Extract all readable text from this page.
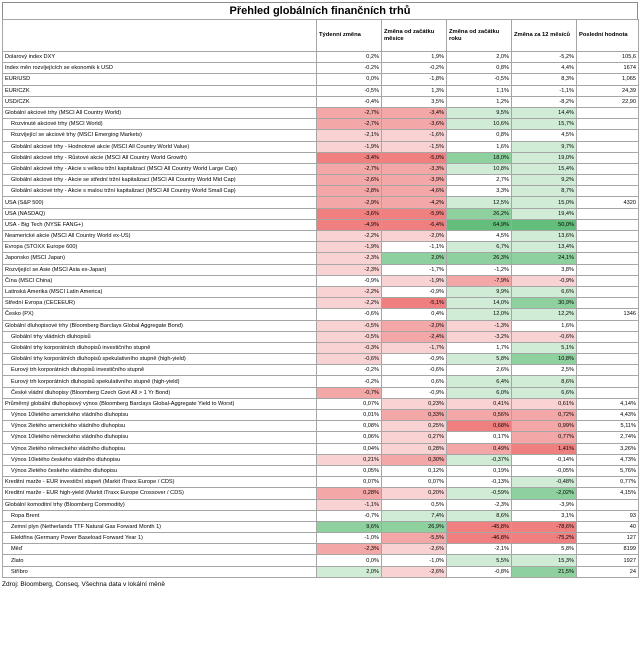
Přehled globálních finančních trhů
	Týdenní změna	Změna od začátku měsíce	Změna od začátku roku	Změna za 12 měsíců	Poslední hodnota
Dolarový index DXY	0,2%	1,9%	2,0%	-5,2%	105,6
Index měn rozvíjejících se ekonomik k USD	-0,2%	-0,2%	0,8%	4,4%	1674
EUR/USD	0,0%	-1,8%	-0,5%	8,3%	1,065
EUR/CZK	-0,5%	1,3%	1,1%	-1,1%	24,39
USD/CZK	-0,4%	3,5%	1,2%	-8,2%	22,90
Globální akciové trhy (MSCI All Country World)	-2,7%	-3,4%	9,5%	14,4%	
Rozvinuté akciové trhy (MSCI World)	-2,7%	-3,6%	10,6%	15,7%	
Rozvíjející se akciové trhy (MSCI Emerging Markets)	-2,1%	-1,6%	0,8%	4,5%	
Globální akciové trhy - Hodnotové akcie (MSCI All Country World Value)	-1,9%	-1,5%	1,6%	9,7%	
Globální akciové trhy - Růstové akcie (MSCI All Country World Growth)	-3,4%	-5,0%	18,0%	19,0%	
Globální akciové trhy - Akcie s velkou tržní kapitalizací (MSCI All Country World Large Cap)	-2,7%	-3,3%	10,8%	15,4%	
Globální akciové trhy - Akcie se střední tržní kapitalizací (MSCI All Country World Mid Cap)	-2,6%	-3,9%	2,7%	9,2%	
Globální akciové trhy - Akcie s malou tržní kapitalizací (MSCI All Country World Small Cap)	-2,8%	-4,6%	3,3%	8,7%	
USA (S&P 500)	-2,9%	-4,2%	12,5%	15,0%	4320
USA (NASDAQ)	-3,6%	-5,9%	26,2%	19,4%	
USA - Big Tech (NYSE FANG+)	-4,9%	-6,4%	64,9%	50,0%	
Neamerické akcie (MSCI All Country World ex-US)	-2,2%	-2,0%	4,5%	13,6%	
Evropa (STOXX Europe 600)	-1,9%	-1,1%	6,7%	13,4%	
Japonsko (MSCI Japan)	-2,3%	2,0%	26,3%	24,1%	
Rozvíjející se Asie (MSCI Asia ex-Japan)	-2,3%	-1,7%	-1,2%	3,8%	
Čína (MSCI China)	-0,9%	-1,9%	-7,9%	-0,9%	
Latinská Amerika (MSCI Latin America)	-2,2%	-0,9%	9,9%	6,6%	
Střední Evropa (CECEEUR)	-2,2%	-5,1%	14,0%	30,9%	
Česko (PX)	-0,6%	0,4%	12,0%	12,2%	1346
Globální dluhopisové trhy (Bloomberg Barclays Global Aggregate Bond)	-0,5%	-2,0%	-1,3%	1,6%	
Globální trhy vládních dluhopisů	-0,5%	-2,4%	-3,2%	-0,6%	
Globální trhy korporátních dluhopisů investičního stupně	-0,3%	-1,7%	1,7%	5,1%	
Globální trhy korporátních dluhopisů spekulativního stupně (high-yield)	-0,6%	-0,9%	5,8%	10,8%	
Eurový trh korporátních dluhopisů investičního stupně	-0,2%	-0,6%	2,6%	2,5%	
Eurový trh korporátních dluhopisů spekulativního stupně (high-yield)	-0,2%	0,6%	6,4%	8,6%	
České vládní dluhopisy (Bloomberg Czech Govt All > 1 Yr Bond)	-0,7%	-0,9%	6,0%	6,6%	
Průměrný globální dluhopisový výnos (Bloomberg Barclays Global-Aggregate Yield to Worst)	0,07%	0,23%	0,41%	0,61%	4,14%
Výnos 10letého amerického vládního dluhopisu	0,01%	0,33%	0,56%	0,72%	4,43%
Výnos 2letého amerického vládního dluhopisu	0,08%	0,25%	0,68%	0,99%	5,11%
Výnos 10letého německého vládního dluhopisu	0,06%	0,27%	0,17%	0,77%	2,74%
Výnos 2letého německého vládního dluhopisu	0,04%	0,28%	0,49%	1,41%	3,26%
Výnos 10letého českého vládního dluhopisu	0,21%	0,30%	-0,37%	-0,14%	4,73%
Výnos 2letého českého vládního dluhopisu	0,05%	0,12%	0,19%	-0,05%	5,76%
Kreditní marže - EUR investiční stupeň (Markit iTraxx Europe / CDS)	0,07%	0,07%	-0,13%	-0,48%	0,77%
Kreditní marže - EUR high-yield (Markit iTraxx Europe Crossover / CDS)	0,28%	0,20%	-0,59%	-2,02%	4,15%
Globální komoditní trhy (Bloomberg Commodity)	-1,1%	0,5%	-2,3%	-3,9%	
Ropa Brent	-0,7%	7,4%	8,6%	3,1%	93
Zemní plyn (Netherlands TTF Natural Gas Forward Month 1)	9,6%	26,9%	-45,8%	-78,6%	40
Elektřina (Germany Power Baseload Forward Year 1)	-1,0%	-5,5%	-46,8%	-75,2%	127
Měď	-2,3%	-2,6%	-2,1%	5,8%	8199
Zlato	0,0%	-1,0%	5,5%	15,3%	1927
Stříbro	2,0%	-2,6%	-0,8%	21,5%	24
Zdroj: Bloomberg, Conseq, Všechna data v lokální měně
